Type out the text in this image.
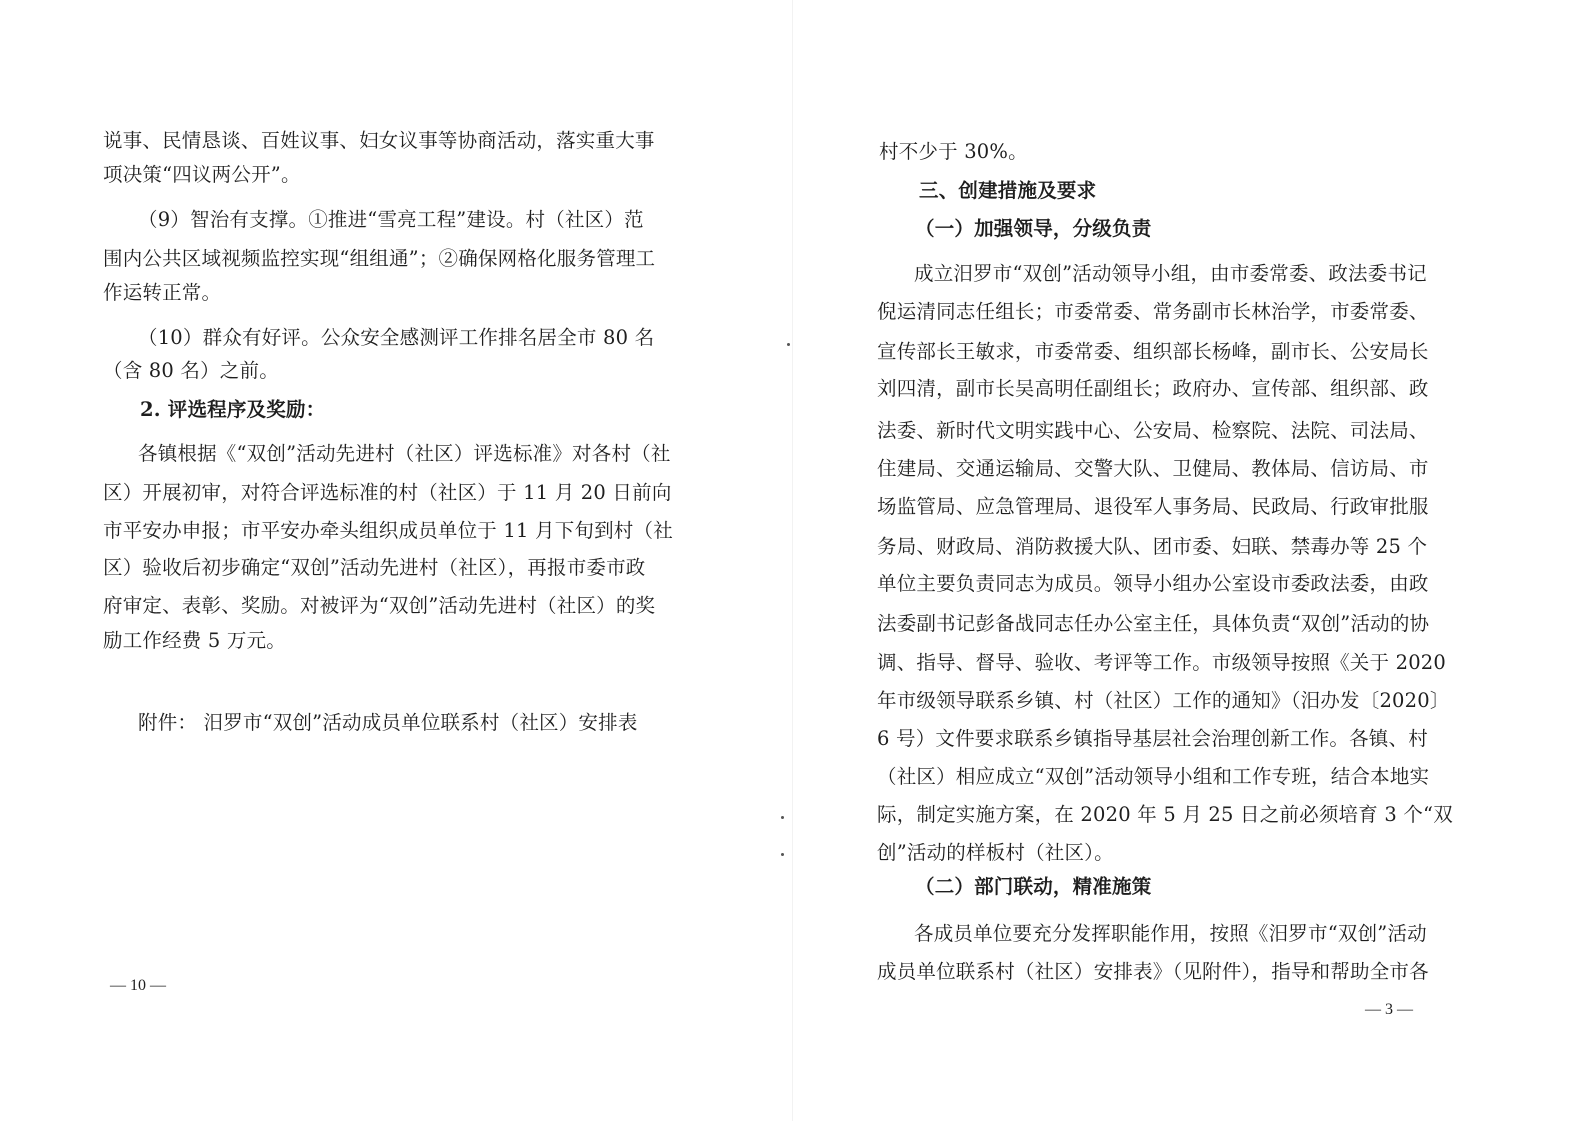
说事、民情恳谈、百姓议事、妇女议事等协商活动，落实重大事

项决策“四议两公开”。

（9）智治有支撑。①推进“雪亮工程”建设。村（社区）范

围内公共区域视频监控实现“组组通”；②确保网格化服务管理工

作运转正常。

（10）群众有好评。公众安全感测评工作排名居全市 80 名

（含 80 名）之前。

2. 评选程序及奖励：

各镇根据《“双创”活动先进村（社区）评选标准》对各村（社

区）开展初审，对符合评选标准的村（社区）于 11 月 20 日前向

市平安办申报；市平安办牵头组织成员单位于 11 月下旬到村（社

区）验收后初步确定“双创”活动先进村（社区），再报市委市政

府审定、表彰、奖励。对被评为“双创”活动先进村（社区）的奖

励工作经费 5 万元。

附件： 汨罗市“双创”活动成员单位联系村（社区）安排表

— 10 —

村不少于 30%。

三、创建措施及要求

（一）加强领导，分级负责

成立汨罗市“双创”活动领导小组，由市委常委、政法委书记

倪运清同志任组长；市委常委、常务副市长林治学，市委常委、

宣传部长王敏求，市委常委、组织部长杨峰，副市长、公安局长

刘四清，副市长吴高明任副组长；政府办、宣传部、组织部、政

法委、新时代文明实践中心、公安局、检察院、法院、司法局、

住建局、交通运输局、交警大队、卫健局、教体局、信访局、市

场监管局、应急管理局、退役军人事务局、民政局、行政审批服

务局、财政局、消防救援大队、团市委、妇联、禁毒办等 25 个

单位主要负责同志为成员。领导小组办公室设市委政法委，由政

法委副书记彭备战同志任办公室主任，具体负责“双创”活动的协

调、指导、督导、验收、考评等工作。市级领导按照《关于 2020

年市级领导联系乡镇、村（社区）工作的通知》（汨办发〔2020〕

6 号）文件要求联系乡镇指导基层社会治理创新工作。各镇、村

（社区）相应成立“双创”活动领导小组和工作专班，结合本地实

际，制定实施方案，在 2020 年 5 月 25 日之前必须培育 3 个“双

创”活动的样板村（社区）。

（二）部门联动，精准施策

各成员单位要充分发挥职能作用，按照《汨罗市“双创”活动

成员单位联系村（社区）安排表》（见附件），指导和帮助全市各

— 3 —
